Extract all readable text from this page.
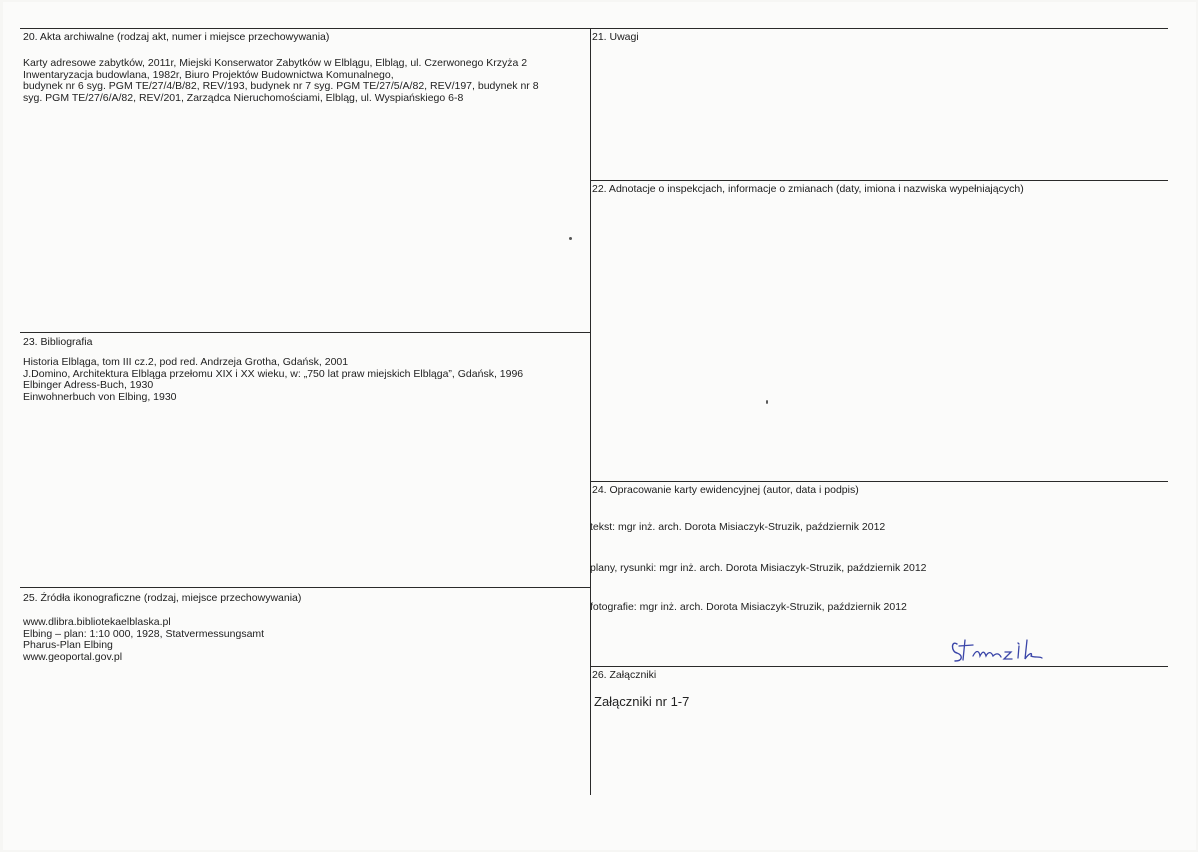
20. Akta archiwalne (rodzaj akt, numer i miejsce przechowywania)
Karty adresowe zabytków, 2011r, Miejski Konserwator Zabytków w Elblągu, Elbląg, ul. Czerwonego Krzyża 2
Inwentaryzacja budowlana, 1982r, Biuro Projektów Budownictwa Komunalnego,
budynek nr 6 syg. PGM TE/27/4/B/82, REV/193, budynek nr 7 syg. PGM TE/27/5/A/82, REV/197, budynek nr 8
syg. PGM TE/27/6/A/82, REV/201, Zarządca Nieruchomościami, Elbląg, ul. Wyspiańskiego 6-8
21. Uwagi
22. Adnotacje o inspekcjach, informacje o zmianach (daty, imiona i nazwiska wypełniających)
23. Bibliografia
Historia Elbląga, tom III cz.2, pod red. Andrzeja Grotha, Gdańsk, 2001
J.Domino, Architektura Elbląga przełomu XIX i XX wieku, w: „750 lat praw miejskich Elbląga”, Gdańsk, 1996
Elbinger Adress-Buch, 1930
Einwohnerbuch von Elbing, 1930
24. Opracowanie karty ewidencyjnej (autor, data i podpis)
tekst: mgr inż. arch. Dorota Misiaczyk-Struzik, październik 2012
plany, rysunki: mgr inż. arch. Dorota Misiaczyk-Struzik, październik 2012
fotografie: mgr inż. arch. Dorota Misiaczyk-Struzik, październik 2012
25. Źródła ikonograficzne (rodzaj, miejsce przechowywania)
www.dlibra.bibliotekaelblaska.pl
Elbing – plan: 1:10 000, 1928, Statvermessungsamt
Pharus-Plan Elbing
www.geoportal.gov.pl
26. Załączniki
Załączniki nr 1-7
